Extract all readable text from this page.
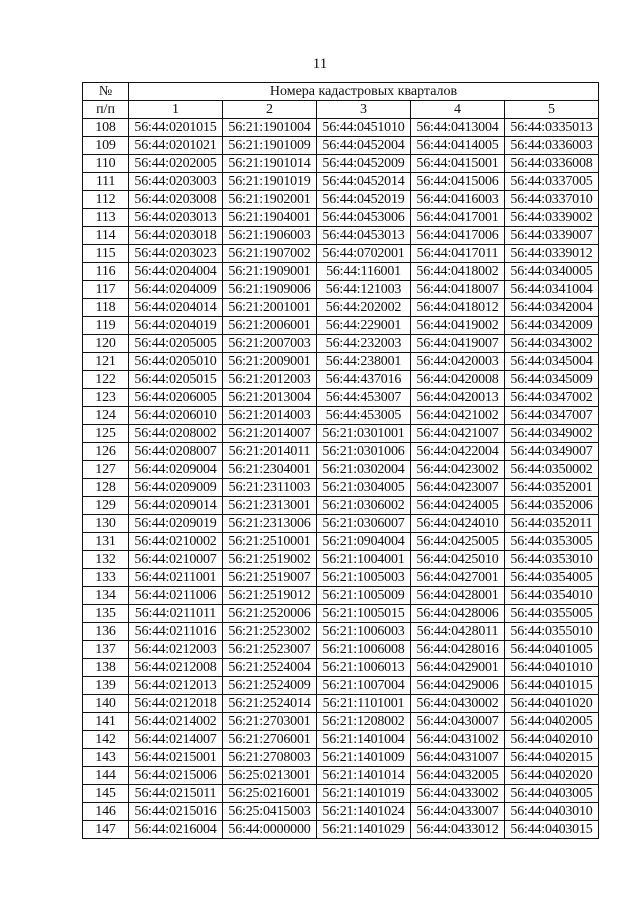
11
№	Номера кадастровых кварталов				
п/п	1	2	3	4	5
108	56:44:0201015	56:21:1901004	56:44:0451010	56:44:0413004	56:44:0335013
109	56:44:0201021	56:21:1901009	56:44:0452004	56:44:0414005	56:44:0336003
110	56:44:0202005	56:21:1901014	56:44:0452009	56:44:0415001	56:44:0336008
111	56:44:0203003	56:21:1901019	56:44:0452014	56:44:0415006	56:44:0337005
112	56:44:0203008	56:21:1902001	56:44:0452019	56:44:0416003	56:44:0337010
113	56:44:0203013	56:21:1904001	56:44:0453006	56:44:0417001	56:44:0339002
114	56:44:0203018	56:21:1906003	56:44:0453013	56:44:0417006	56:44:0339007
115	56:44:0203023	56:21:1907002	56:44:0702001	56:44:0417011	56:44:0339012
116	56:44:0204004	56:21:1909001	56:44:116001	56:44:0418002	56:44:0340005
117	56:44:0204009	56:21:1909006	56:44:121003	56:44:0418007	56:44:0341004
118	56:44:0204014	56:21:2001001	56:44:202002	56:44:0418012	56:44:0342004
119	56:44:0204019	56:21:2006001	56:44:229001	56:44:0419002	56:44:0342009
120	56:44:0205005	56:21:2007003	56:44:232003	56:44:0419007	56:44:0343002
121	56:44:0205010	56:21:2009001	56:44:238001	56:44:0420003	56:44:0345004
122	56:44:0205015	56:21:2012003	56:44:437016	56:44:0420008	56:44:0345009
123	56:44:0206005	56:21:2013004	56:44:453007	56:44:0420013	56:44:0347002
124	56:44:0206010	56:21:2014003	56:44:453005	56:44:0421002	56:44:0347007
125	56:44:0208002	56:21:2014007	56:21:0301001	56:44:0421007	56:44:0349002
126	56:44:0208007	56:21:2014011	56:21:0301006	56:44:0422004	56:44:0349007
127	56:44:0209004	56:21:2304001	56:21:0302004	56:44:0423002	56:44:0350002
128	56:44:0209009	56:21:2311003	56:21:0304005	56:44:0423007	56:44:0352001
129	56:44:0209014	56:21:2313001	56:21:0306002	56:44:0424005	56:44:0352006
130	56:44:0209019	56:21:2313006	56:21:0306007	56:44:0424010	56:44:0352011
131	56:44:0210002	56:21:2510001	56:21:0904004	56:44:0425005	56:44:0353005
132	56:44:0210007	56:21:2519002	56:21:1004001	56:44:0425010	56:44:0353010
133	56:44:0211001	56:21:2519007	56:21:1005003	56:44:0427001	56:44:0354005
134	56:44:0211006	56:21:2519012	56:21:1005009	56:44:0428001	56:44:0354010
135	56:44:0211011	56:21:2520006	56:21:1005015	56:44:0428006	56:44:0355005
136	56:44:0211016	56:21:2523002	56:21:1006003	56:44:0428011	56:44:0355010
137	56:44:0212003	56:21:2523007	56:21:1006008	56:44:0428016	56:44:0401005
138	56:44:0212008	56:21:2524004	56:21:1006013	56:44:0429001	56:44:0401010
139	56:44:0212013	56:21:2524009	56:21:1007004	56:44:0429006	56:44:0401015
140	56:44:0212018	56:21:2524014	56:21:1101001	56:44:0430002	56:44:0401020
141	56:44:0214002	56:21:2703001	56:21:1208002	56:44:0430007	56:44:0402005
142	56:44:0214007	56:21:2706001	56:21:1401004	56:44:0431002	56:44:0402010
143	56:44:0215001	56:21:2708003	56:21:1401009	56:44:0431007	56:44:0402015
144	56:44:0215006	56:25:0213001	56:21:1401014	56:44:0432005	56:44:0402020
145	56:44:0215011	56:25:0216001	56:21:1401019	56:44:0433002	56:44:0403005
146	56:44:0215016	56:25:0415003	56:21:1401024	56:44:0433007	56:44:0403010
147	56:44:0216004	56:44:0000000	56:21:1401029	56:44:0433012	56:44:0403015
